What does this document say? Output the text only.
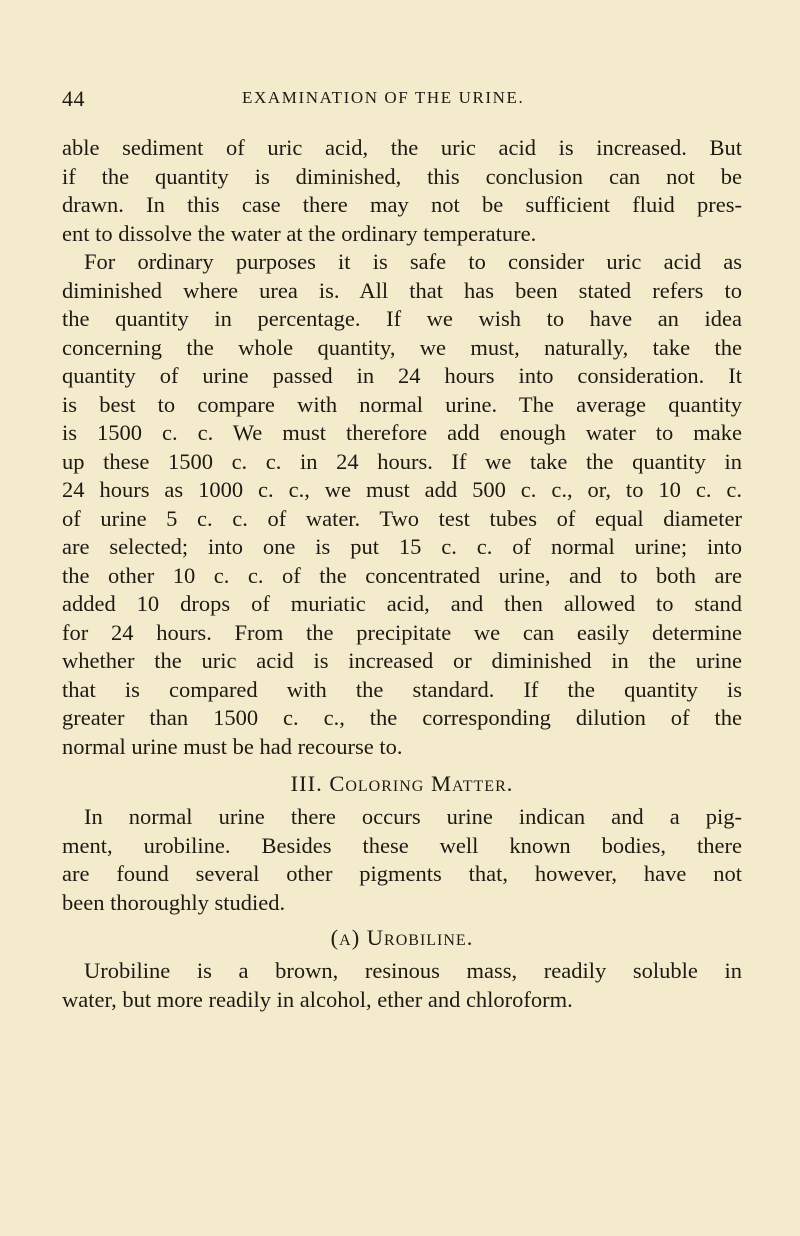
44	EXAMINATION OF THE URINE.
able sediment of uric acid, the uric acid is increased. But
if the quantity is diminished, this conclusion can not be
drawn. In this case there may not be sufficient fluid pres-
ent to dissolve the water at the ordinary temperature.
For ordinary purposes it is safe to consider uric acid as
diminished where urea is. All that has been stated refers to
the quantity in percentage. If we wish to have an idea
concerning the whole quantity, we must, naturally, take the
quantity of urine passed in 24 hours into consideration. It
is best to compare with normal urine. The average quantity
is 1500 c. c. We must therefore add enough water to make
up these 1500 c. c. in 24 hours. If we take the quantity in
24 hours as 1000 c. c., we must add 500 c. c., or, to 10 c. c.
of urine 5 c. c. of water. Two test tubes of equal diameter
are selected; into one is put 15 c. c. of normal urine; into
the other 10 c. c. of the concentrated urine, and to both are
added 10 drops of muriatic acid, and then allowed to stand
for 24 hours. From the precipitate we can easily determine
whether the uric acid is increased or diminished in the urine
that is compared with the standard. If the quantity is
greater than 1500 c. c., the corresponding dilution of the
normal urine must be had recourse to.
III. Coloring Matter.
In normal urine there occurs urine indican and a pig-
ment, urobiline. Besides these well known bodies, there
are found several other pigments that, however, have not
been thoroughly studied.
(a) Urobiline.
Urobiline is a brown, resinous mass, readily soluble in
water, but more readily in alcohol, ether and chloroform.
